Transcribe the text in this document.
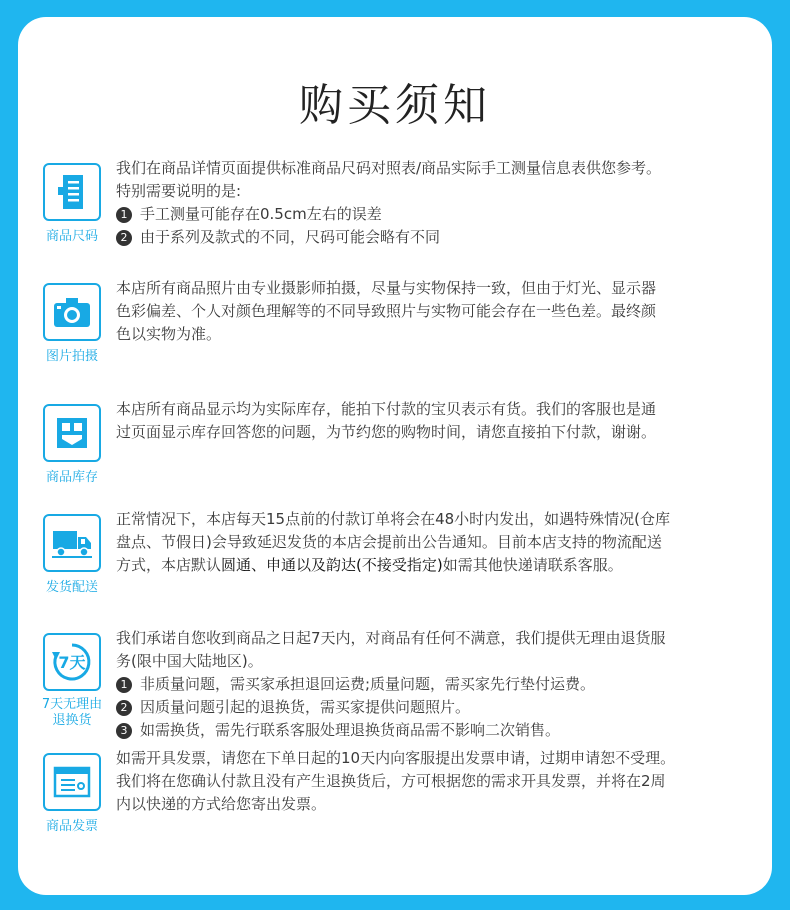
购买须知
商品尺码

我们在商品详情页面提供标准商品尺码对照表/商品实际手工测量信息表供您参考。

特别需要说明的是:

1 手工测量可能存在0.5cm左右的误差

2 由于系列及款式的不同，尺码可能会略有不同

图片拍摄

本店所有商品照片由专业摄影师拍摄，尽量与实物保持一致，但由于灯光、显示器

色彩偏差、个人对颜色理解等的不同导致照片与实物可能会存在一些色差。最终颜

色以实物为准。

商品库存

本店所有商品显示均为实际库存，能拍下付款的宝贝表示有货。我们的客服也是通

过页面显示库存回答您的问题，为节约您的购物时间，请您直接拍下付款，谢谢。

发货配送

正常情况下，本店每天15点前的付款订单将会在48小时内发出，如遇特殊情况(仓库

盘点、节假日)会导致延迟发货的本店会提前出公告通知。目前本店支持的物流配送

方式，本店默认圆通、申通以及韵达(不接受指定)如需其他快递请联系客服。

7天
7天无理由
退换货

我们承诺自您收到商品之日起7天内，对商品有任何不满意，我们提供无理由退货服

务(限中国大陆地区)。

1 非质量问题，需买家承担退回运费;质量问题，需买家先行垫付运费。

2 因质量问题引起的退换货，需买家提供问题照片。

3 如需换货，需先行联系客服处理退换货商品需不影响二次销售。

商品发票

如需开具发票，请您在下单日起的10天内向客服提出发票申请，过期申请恕不受理。

我们将在您确认付款且没有产生退换货后，方可根据您的需求开具发票，并将在2周

内以快递的方式给您寄出发票。
